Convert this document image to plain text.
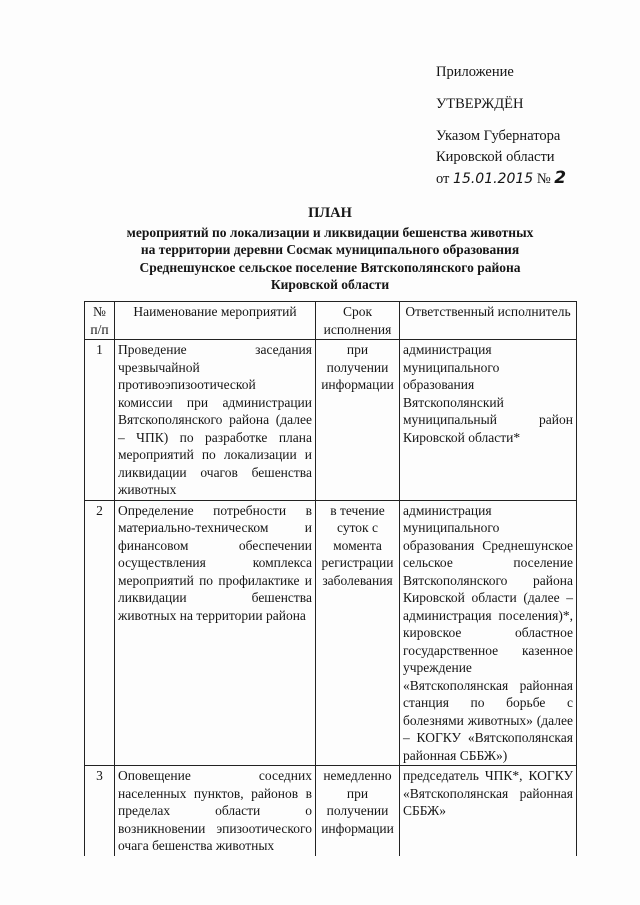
Приложение
УТВЕРЖДЁН
Указом Губернатора
Кировской области
от 15.01.2015 № 2
ПЛАН
мероприятий по локализации и ликвидации бешенства животных
на территории деревни Сосмак муниципального образования
Среднешунское сельское поселение Вятскополянского района
Кировской области
№ п/п	Наименование мероприятий	Срок исполнения	Ответственный исполнитель
1	Проведение заседания чрезвычайной противоэпизоотической комиссии при администрации Вятскополянского района (далее – ЧПК) по разработке плана мероприятий по локализации и ликвидации очагов бешенства животных	при получении информации	администрация муниципального образования Вятскополянский муниципальный район Кировской области*
2	Определение потребности в материально-техническом и финансовом обеспечении осуществления комплекса мероприятий по профилактике и ликвидации бешенства животных на территории района	в течение суток с момента регистрации заболевания	администрация муниципального образования Среднешунское сельское поселение Вятскополянского района Кировской области (далее – администрация поселения)*, кировское областное государственное казенное учреждение «Вятскополянская районная станция по борьбе с болезнями животных» (далее – КОГКУ «Вятскополянская районная СББЖ»)
3	Оповещение соседних населенных пунктов, районов в пределах области о возникновении эпизоотического очага бешенства животных	немедленно при получении информации	председатель ЧПК*, КОГКУ «Вятскополянская районная СББЖ»
